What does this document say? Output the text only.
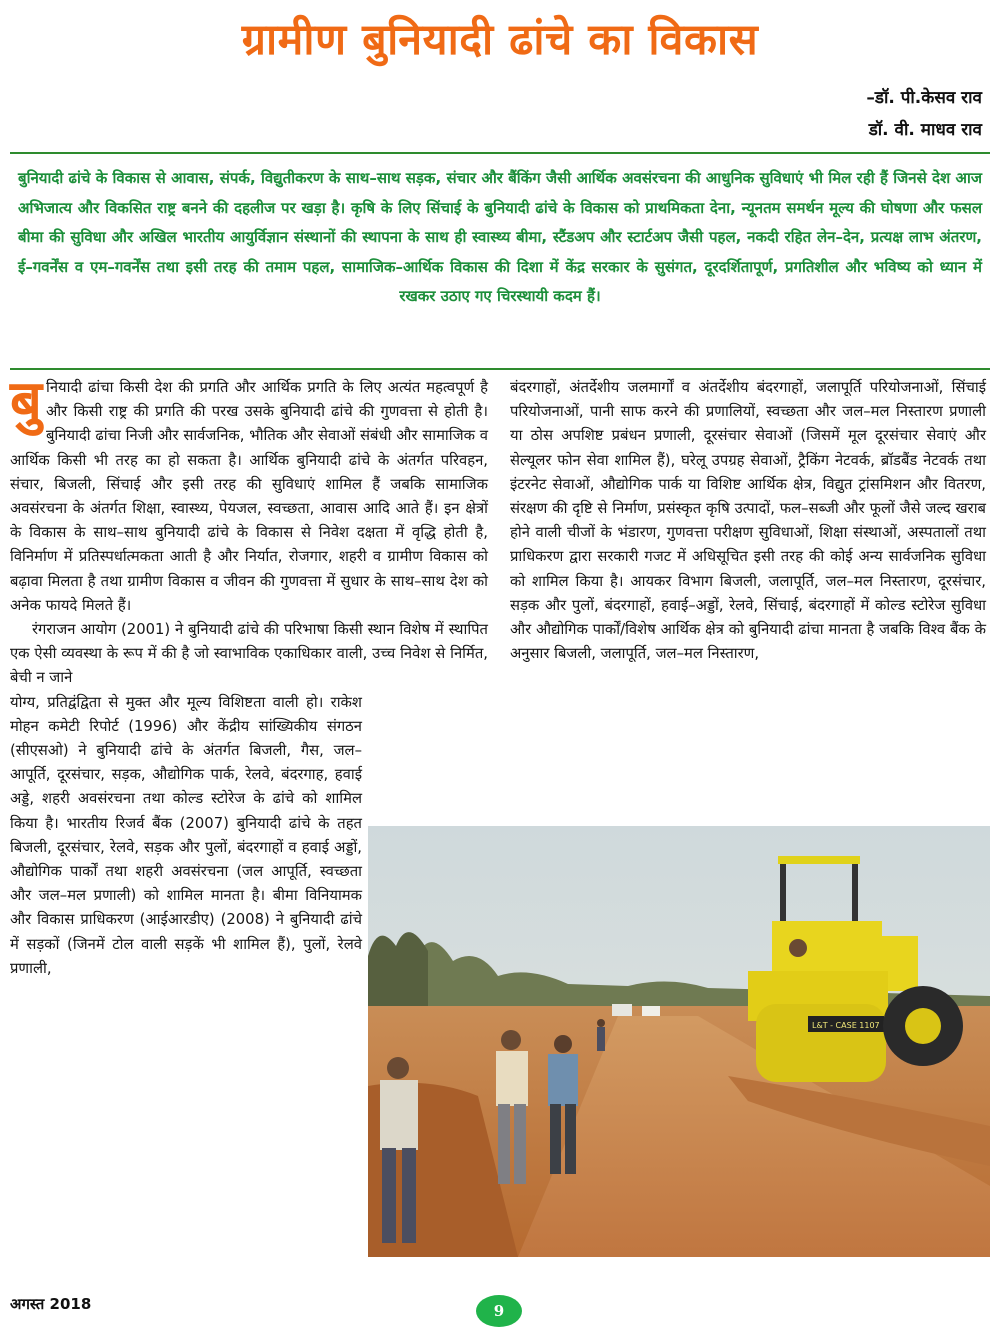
ग्रामीण बुनियादी ढांचे का विकास
–डॉ. पी.केसव राव
डॉ. वी. माधव राव

बुनियादी ढांचे के विकास से आवास, संपर्क, विद्युतीकरण के साथ–साथ सड़क, संचार और बैंकिंग जैसी आर्थिक अवसंरचना की आधुनिक सुविधाएं भी मिल रही हैं जिनसे देश आज अभिजात्य और विकसित राष्ट्र बनने की दहलीज पर खड़ा है। कृषि के लिए सिंचाई के बुनियादी ढांचे के विकास को प्राथमिकता देना, न्यूनतम समर्थन मूल्य की घोषणा और फसल बीमा की सुविधा और अखिल भारतीय आयुर्विज्ञान संस्थानों की स्थापना के साथ ही स्वास्थ्य बीमा, स्टैंडअप और स्टार्टअप जैसी पहल, नकदी रहित लेन–देन, प्रत्यक्ष लाभ अंतरण, ई–गवर्नेंस व एम–गवर्नेंस तथा इसी तरह की तमाम पहल, सामाजिक–आर्थिक विकास की दिशा में केंद्र सरकार के सुसंगत, दूरदर्शितापूर्ण, प्रगतिशील और भविष्य को ध्यान में रखकर उठाए गए चिरस्थायी कदम हैं।

बुनियादी ढांचा किसी देश की प्रगति और आर्थिक प्रगति के लिए अत्यंत महत्वपूर्ण है और किसी राष्ट्र की प्रगति की परख उसके बुनियादी ढांचे की गुणवत्ता से होती है। बुनियादी ढांचा निजी और सार्वजनिक, भौतिक और सेवाओं संबंधी और सामाजिक व आर्थिक किसी भी तरह का हो सकता है। आर्थिक बुनियादी ढांचे के अंतर्गत परिवहन, संचार, बिजली, सिंचाई और इसी तरह की सुविधाएं शामिल हैं जबकि सामाजिक अवसंरचना के अंतर्गत शिक्षा, स्वास्थ्य, पेयजल, स्वच्छता, आवास आदि आते हैं। इन क्षेत्रों के विकास के साथ–साथ बुनियादी ढांचे के विकास से निवेश दक्षता में वृद्धि होती है, विनिर्माण में प्रतिस्पर्धात्मकता आती है और निर्यात, रोजगार, शहरी व ग्रामीण विकास को बढ़ावा मिलता है तथा ग्रामीण विकास व जीवन की गुणवत्ता में सुधार के साथ–साथ देश को अनेक फायदे मिलते हैं।

रंगराजन आयोग (2001) ने बुनियादी ढांचे की परिभाषा किसी स्थान विशेष में स्थापित एक ऐसी व्यवस्था के रूप में की है जो स्वाभाविक एकाधिकार वाली, उच्च निवेश से निर्मित, बेची न जाने

योग्य, प्रतिद्वंद्विता से मुक्त और मूल्य विशिष्टता वाली हो। राकेश मोहन कमेटी रिपोर्ट (1996) और केंद्रीय सांख्यिकीय संगठन (सीएसओ) ने बुनियादी ढांचे के अंतर्गत बिजली, गैस, जल–आपूर्ति, दूरसंचार, सड़क, औद्योगिक पार्क, रेलवे, बंदरगाह, हवाई अड्डे, शहरी अवसंरचना तथा कोल्ड स्टोरेज के ढांचे को शामिल किया है। भारतीय रिजर्व बैंक (2007) बुनियादी ढांचे के तहत बिजली, दूरसंचार, रेलवे, सड़क और पुलों, बंदरगाहों व हवाई अड्डों, औद्योगिक पार्कों तथा शहरी अवसंरचना (जल आपूर्ति, स्वच्छता और जल–मल प्रणाली) को शामिल मानता है। बीमा विनियामक और विकास प्राधिकरण (आईआरडीए) (2008) ने बुनियादी ढांचे में सड़कों (जिनमें टोल वाली सड़कें भी शामिल हैं), पुलों, रेलवे प्रणाली,

बंदरगाहों, अंतर्देशीय जलमार्गों व अंतर्देशीय बंदरगाहों, जलापूर्ति परियोजनाओं, सिंचाई परियोजनाओं, पानी साफ करने की प्रणालियों, स्वच्छता और जल–मल निस्तारण प्रणाली या ठोस अपशिष्ट प्रबंधन प्रणाली, दूरसंचार सेवाओं (जिसमें मूल दूरसंचार सेवाएं और सेल्यूलर फोन सेवा शामिल हैं), घरेलू उपग्रह सेवाओं, ट्रैकिंग नेटवर्क, ब्रॉडबैंड नेटवर्क तथा इंटरनेट सेवाओं, औद्योगिक पार्क या विशिष्ट आर्थिक क्षेत्र, विद्युत ट्रांसमिशन और वितरण, संरक्षण की दृष्टि से निर्माण, प्रसंस्कृत कृषि उत्पादों, फल–सब्जी और फूलों जैसे जल्द खराब होने वाली चीजों के भंडारण, गुणवत्ता परीक्षण सुविधाओं, शिक्षा संस्थाओं, अस्पतालों तथा प्राधिकरण द्वारा सरकारी गजट में अधिसूचित इसी तरह की कोई अन्य सार्वजनिक सुविधा को शामिल किया है। आयकर विभाग बिजली, जलापूर्ति, जल–मल निस्तारण, दूरसंचार, सड़क और पुलों, बंदरगाहों, हवाई–अड्डों, रेलवे, सिंचाई, बंदरगाहों में कोल्ड स्टोरेज सुविधा और औद्योगिक पार्कों/विशेष आर्थिक क्षेत्र को बुनियादी ढांचा मानता है जबकि विश्व बैंक के अनुसार बिजली, जलापूर्ति, जल–मल निस्तारण,

L&T - CASE 1107
अगस्त 2018	9
